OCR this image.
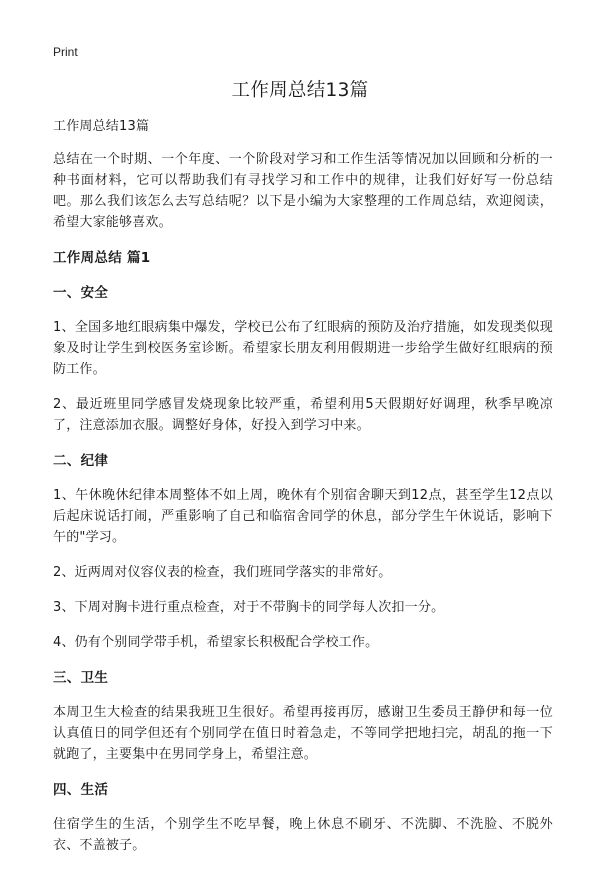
Print
工作周总结13篇

工作周总结13篇

总结在一个时期、一个年度、一个阶段对学习和工作生活等情况加以回顾和分析的一种书面材料，它可以帮助我们有寻找学习和工作中的规律，让我们好好写一份总结吧。那么我们该怎么去写总结呢？以下是小编为大家整理的工作周总结，欢迎阅读，希望大家能够喜欢。

工作周总结 篇1
一、安全

1、全国多地红眼病集中爆发，学校已公布了红眼病的预防及治疗措施，如发现类似现象及时让学生到校医务室诊断。希望家长朋友利用假期进一步给学生做好红眼病的预防工作。

2、最近班里同学感冒发烧现象比较严重，希望利用5天假期好好调理，秋季早晚凉了，注意添加衣服。调整好身体，好投入到学习中来。

二、纪律

1、午休晚休纪律本周整体不如上周，晚休有个别宿舍聊天到12点，甚至学生12点以后起床说话打闹，严重影响了自己和临宿舍同学的休息，部分学生午休说话，影响下午的"学习。

2、近两周对仪容仪表的检查，我们班同学落实的非常好。

3、下周对胸卡进行重点检查，对于不带胸卡的同学每人次扣一分。

4、仍有个别同学带手机，希望家长积极配合学校工作。

三、卫生

本周卫生大检查的结果我班卫生很好。希望再接再厉，感谢卫生委员王静伊和每一位认真值日的同学但还有个别同学在值日时着急走，不等同学把地扫完，胡乱的拖一下就跑了，主要集中在男同学身上，希望注意。

四、生活

住宿学生的生活，个别学生不吃早餐，晚上休息不刷牙、不洗脚、不洗脸、不脱外衣、不盖被子。
